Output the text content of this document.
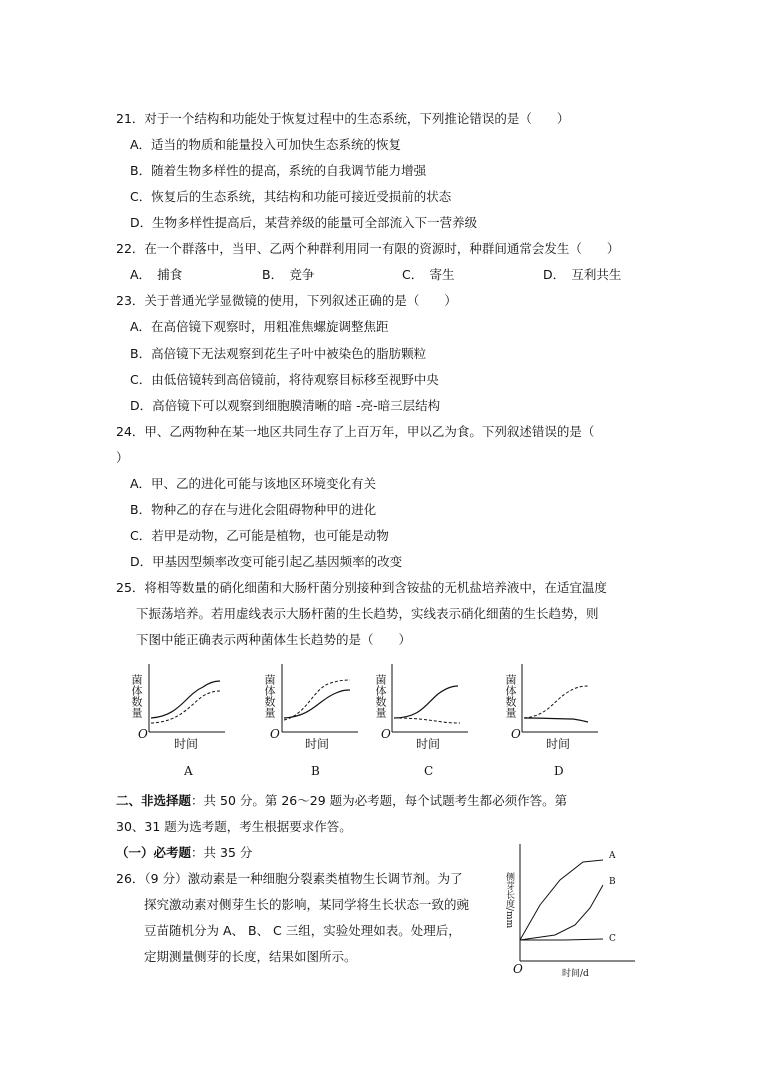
21．对于一个结构和功能处于恢复过程中的生态系统，下列推论错误的是（　　）
A．适当的物质和能量投入可加快生态系统的恢复
B．随着生物多样性的提高，系统的自我调节能力增强
C．恢复后的生态系统，其结构和功能可接近受损前的状态
D．生物多样性提高后，某营养级的能量可全部流入下一营养级
22．在一个群落中，当甲、乙两个种群利用同一有限的资源时，种群间通常会发生（　　）
A．　捕食	B．　竞争	C．　寄生	D．　互利共生
23．关于普通光学显微镜的使用，下列叙述正确的是（　　）
A．在高倍镜下观察时，用粗准焦螺旋调整焦距
B．高倍镜下无法观察到花生子叶中被染色的脂肪颗粒
C．由低倍镜转到高倍镜前，将待观察目标移至视野中央
D．高倍镜下可以观察到细胞膜清晰的暗 -亮-暗三层结构
24．甲、乙两物种在某一地区共同生存了上百万年，甲以乙为食。下列叙述错误的是（
）
A．甲、乙的进化可能与该地区环境变化有关
B．物种乙的存在与进化会阻碍物种甲的进化
C．若甲是动物，乙可能是植物，也可能是动物
D．甲基因型频率改变可能引起乙基因频率的改变
25．将相等数量的硝化细菌和大肠杆菌分别接种到含铵盐的无机盐培养液中，在适宜温度
下振荡培养。若用虚线表示大肠杆菌的生长趋势，实线表示硝化细菌的生长趋势，则
下图中能正确表示两种菌体生长趋势的是（　　）
菌体数量
O
时间
A
菌体数量
O
时间
B
菌体数量
O
时间
C
菌体数量
O
时间
D
二、非选择题：共 50 分。第 26～29 题为必考题，每个试题考生都必须作答。第
30、31 题为选考题，考生根据要求作答。
（一）必考题：共 35 分
26．（9 分）激动素是一种细胞分裂素类植物生长调节剂。为了
探究激动素对侧芽生长的影响，某同学将生长状态一致的豌
豆苗随机分为 A、 B、 C 三组，实验处理如表。处理后，
定期测量侧芽的长度，结果如图所示。
侧芽长度/mm
O	时间/d
A
B
C
